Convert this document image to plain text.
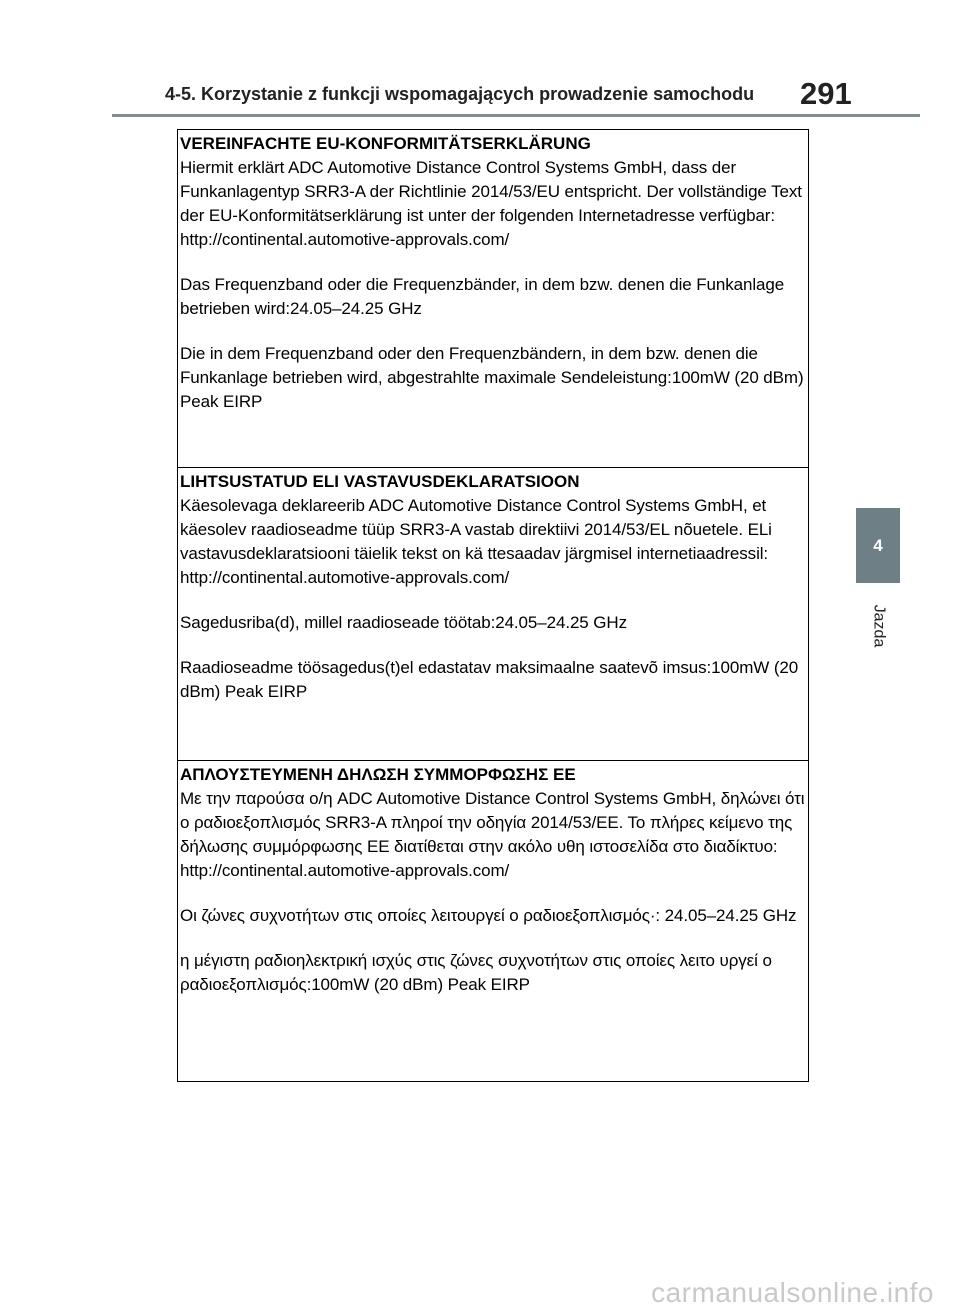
4-5. Korzystanie z funkcji wspomagających prowadzenie samochodu 291
4
Jazda
VEREINFACHTE EU-KONFORMITÄTSERKLÄRUNG

Hiermit erklärt ADC Automotive Distance Control Systems GmbH, dass der Funkanlagentyp SRR3-A der Richtlinie 2014/53/EU entspricht. Der vollständige Text der EU-Konformitätserklärung ist unter der folgenden Internetadresse verfügbar:
http://continental.automotive-approvals.com/

Das Frequenzband oder die Frequenzbänder, in dem bzw. denen die Funkanlage betrieben wird:24.05–24.25 GHz

Die in dem Frequenzband oder den Frequenzbändern, in dem bzw. denen die Funkanlage betrieben wird, abgestrahlte maximale Sendeleistung:100mW (20 dBm) Peak EIRP

LIHTSUSTATUD ELI VASTAVUSDEKLARATSIOON

Käesolevaga deklareerib ADC Automotive Distance Control Systems GmbH, et käesolev raadioseadme tüüp SRR3-A vastab direktiivi 2014/53/EL nõuetele. ELi vastavusdeklaratsiooni täielik tekst on kä ttesaadav järgmisel internetiaadressil:
http://continental.automotive-approvals.com/

Sagedusriba(d), millel raadioseade töötab:24.05–24.25 GHz

Raadioseadme töösagedus(t)el edastatav maksimaalne saatevõ imsus:100mW (20 dBm) Peak EIRP

ΑΠΛΟΥΣΤΕΥΜΕΝΗ ΔΗΛΩΣΗ ΣΥΜΜΟΡΦΩΣΗΣ ΕΕ

Με την παρούσα ο/η ADC Automotive Distance Control Systems GmbH, δηλώνει ότι ο ραδιοεξοπλισμός SRR3-A πληροί την οδηγία 2014/53/ΕΕ. Το πλήρες κείμενο της δήλωσης συμμόρφωσης ΕΕ διατίθεται στην ακόλο υθη ιστοσελίδα στο διαδίκτυο:
http://continental.automotive-approvals.com/

Οι ζώνες συχνοτήτων στις οποίες λειτουργεί ο ραδιοεξοπλισμός·: 24.05–24.25 GHz

η μέγιστη ραδιοηλεκτρική ισχύς στις ζώνες συχνοτήτων στις οποίες λειτο υργεί ο ραδιοεξοπλισμός:100mW (20 dBm) Peak EIRP

carmanualsonline.info
